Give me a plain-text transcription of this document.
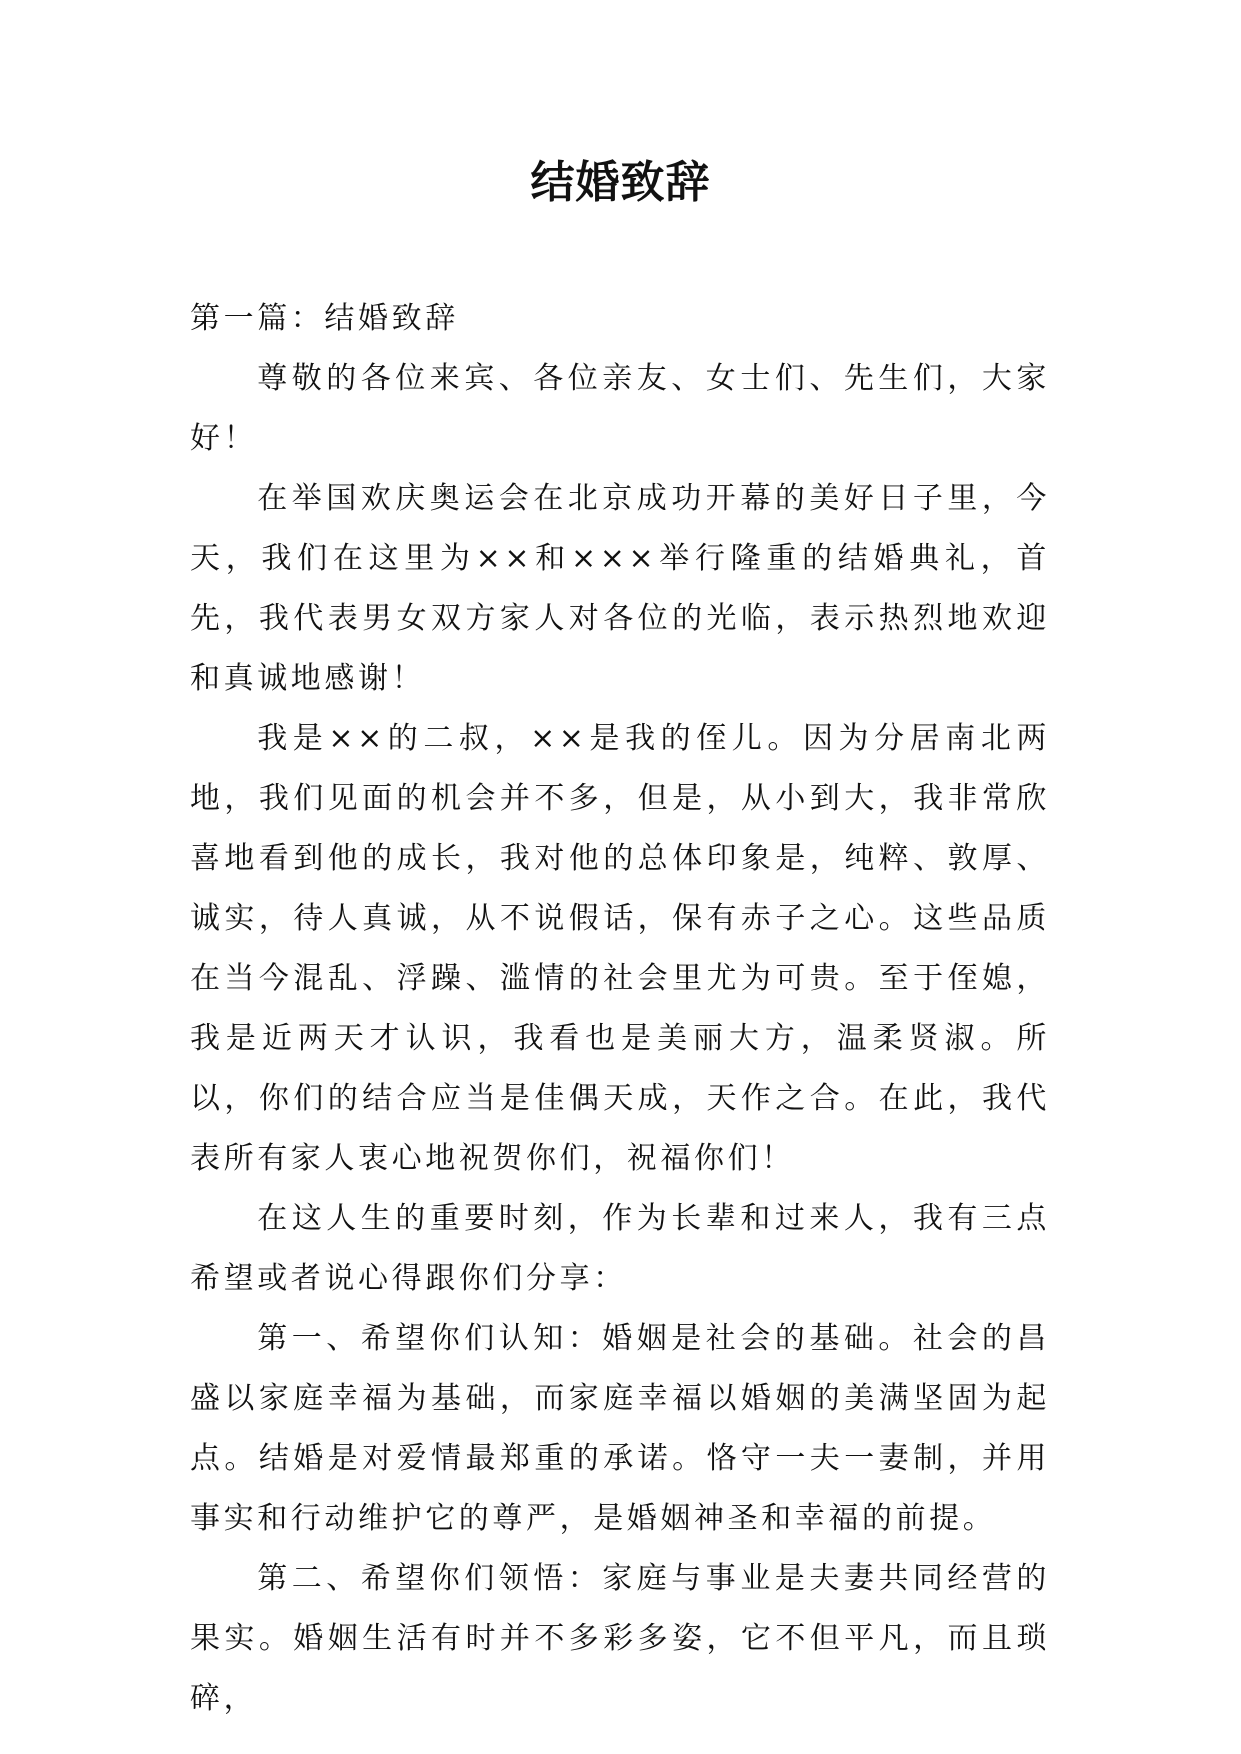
结婚致辞

第一篇：结婚致辞

尊敬的各位来宾、各位亲友、女士们、先生们，大家好！

在举国欢庆奥运会在北京成功开幕的美好日子里，今天，我们在这里为××和×××举行隆重的结婚典礼，首先，我代表男女双方家人对各位的光临，表示热烈地欢迎和真诚地感谢！

我是××的二叔，××是我的侄儿。因为分居南北两地，我们见面的机会并不多，但是，从小到大，我非常欣喜地看到他的成长，我对他的总体印象是，纯粹、敦厚、诚实，待人真诚，从不说假话，保有赤子之心。这些品质在当今混乱、浮躁、滥情的社会里尤为可贵。至于侄媳，我是近两天才认识，我看也是美丽大方，温柔贤淑。所以，你们的结合应当是佳偶天成，天作之合。在此，我代表所有家人衷心地祝贺你们，祝福你们！

在这人生的重要时刻，作为长辈和过来人，我有三点希望或者说心得跟你们分享：

第一、希望你们认知：婚姻是社会的基础。社会的昌盛以家庭幸福为基础，而家庭幸福以婚姻的美满坚固为起点。结婚是对爱情最郑重的承诺。恪守一夫一妻制，并用事实和行动维护它的尊严，是婚姻神圣和幸福的前提。

第二、希望你们领悟：家庭与事业是夫妻共同经营的果实。婚姻生活有时并不多彩多姿，它不但平凡，而且琐碎，
